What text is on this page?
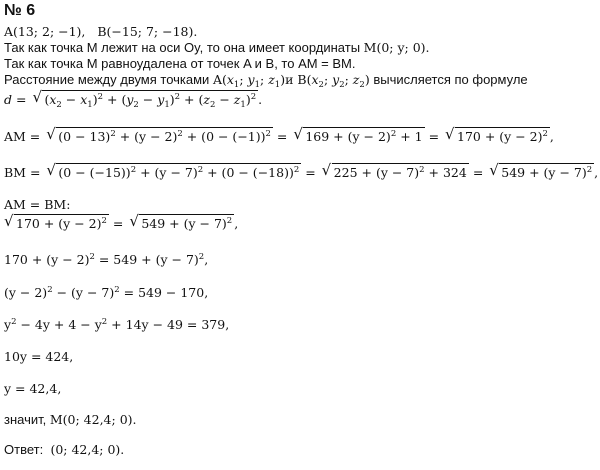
№ 6
A(13; 2; −1), B(−15; 7; −18).
Так как точка M лежит на оси Oy, то она имеет координаты M(0; y; 0).
Так как точка M равноудалена от точек A и B, то AM = BM.
Расстояние между двумя точками $A(x_1$; $y_1$; $z_1)и$ $B(x_2$; $y_2$; $z_2$) вычисляется по формуле
d = √ $(x_2 - x_1)^2 + (y_2 - y_1)^2 + (z_2 - z_1)^2$ .
AM = √ $(0 - 13)^2 + (y - 2)^2 + (0 - (-1))^2$ = √ $169 + (y - 2)^2 + 1$ = √ $170 + (y - 2)^2$ ,
BM = √ $(0 - (-15))^2 + (y - 7)^2 + (0 - (-18))^2$ = √ $225 + (y - 7)^2 + 324$ = √ $549 + (y - 7)^2$ ,
AM = BM:
√ $170 + (y - 2)^2$ = √ $549 + (y - 7)^2$ ,
$170 + (y - 2)^2 = 549 + (y - 7)^2$,
$(y - 2)^2 - (y - 7)^2 = 549 - 170$,
$y^2 - 4y + 4 - y^2 + 14y - 49 = 379$,
10y = 424,
y = 42,4,
значит, M(0; 42,4; 0).
Ответ: (0; 42,4; 0).
